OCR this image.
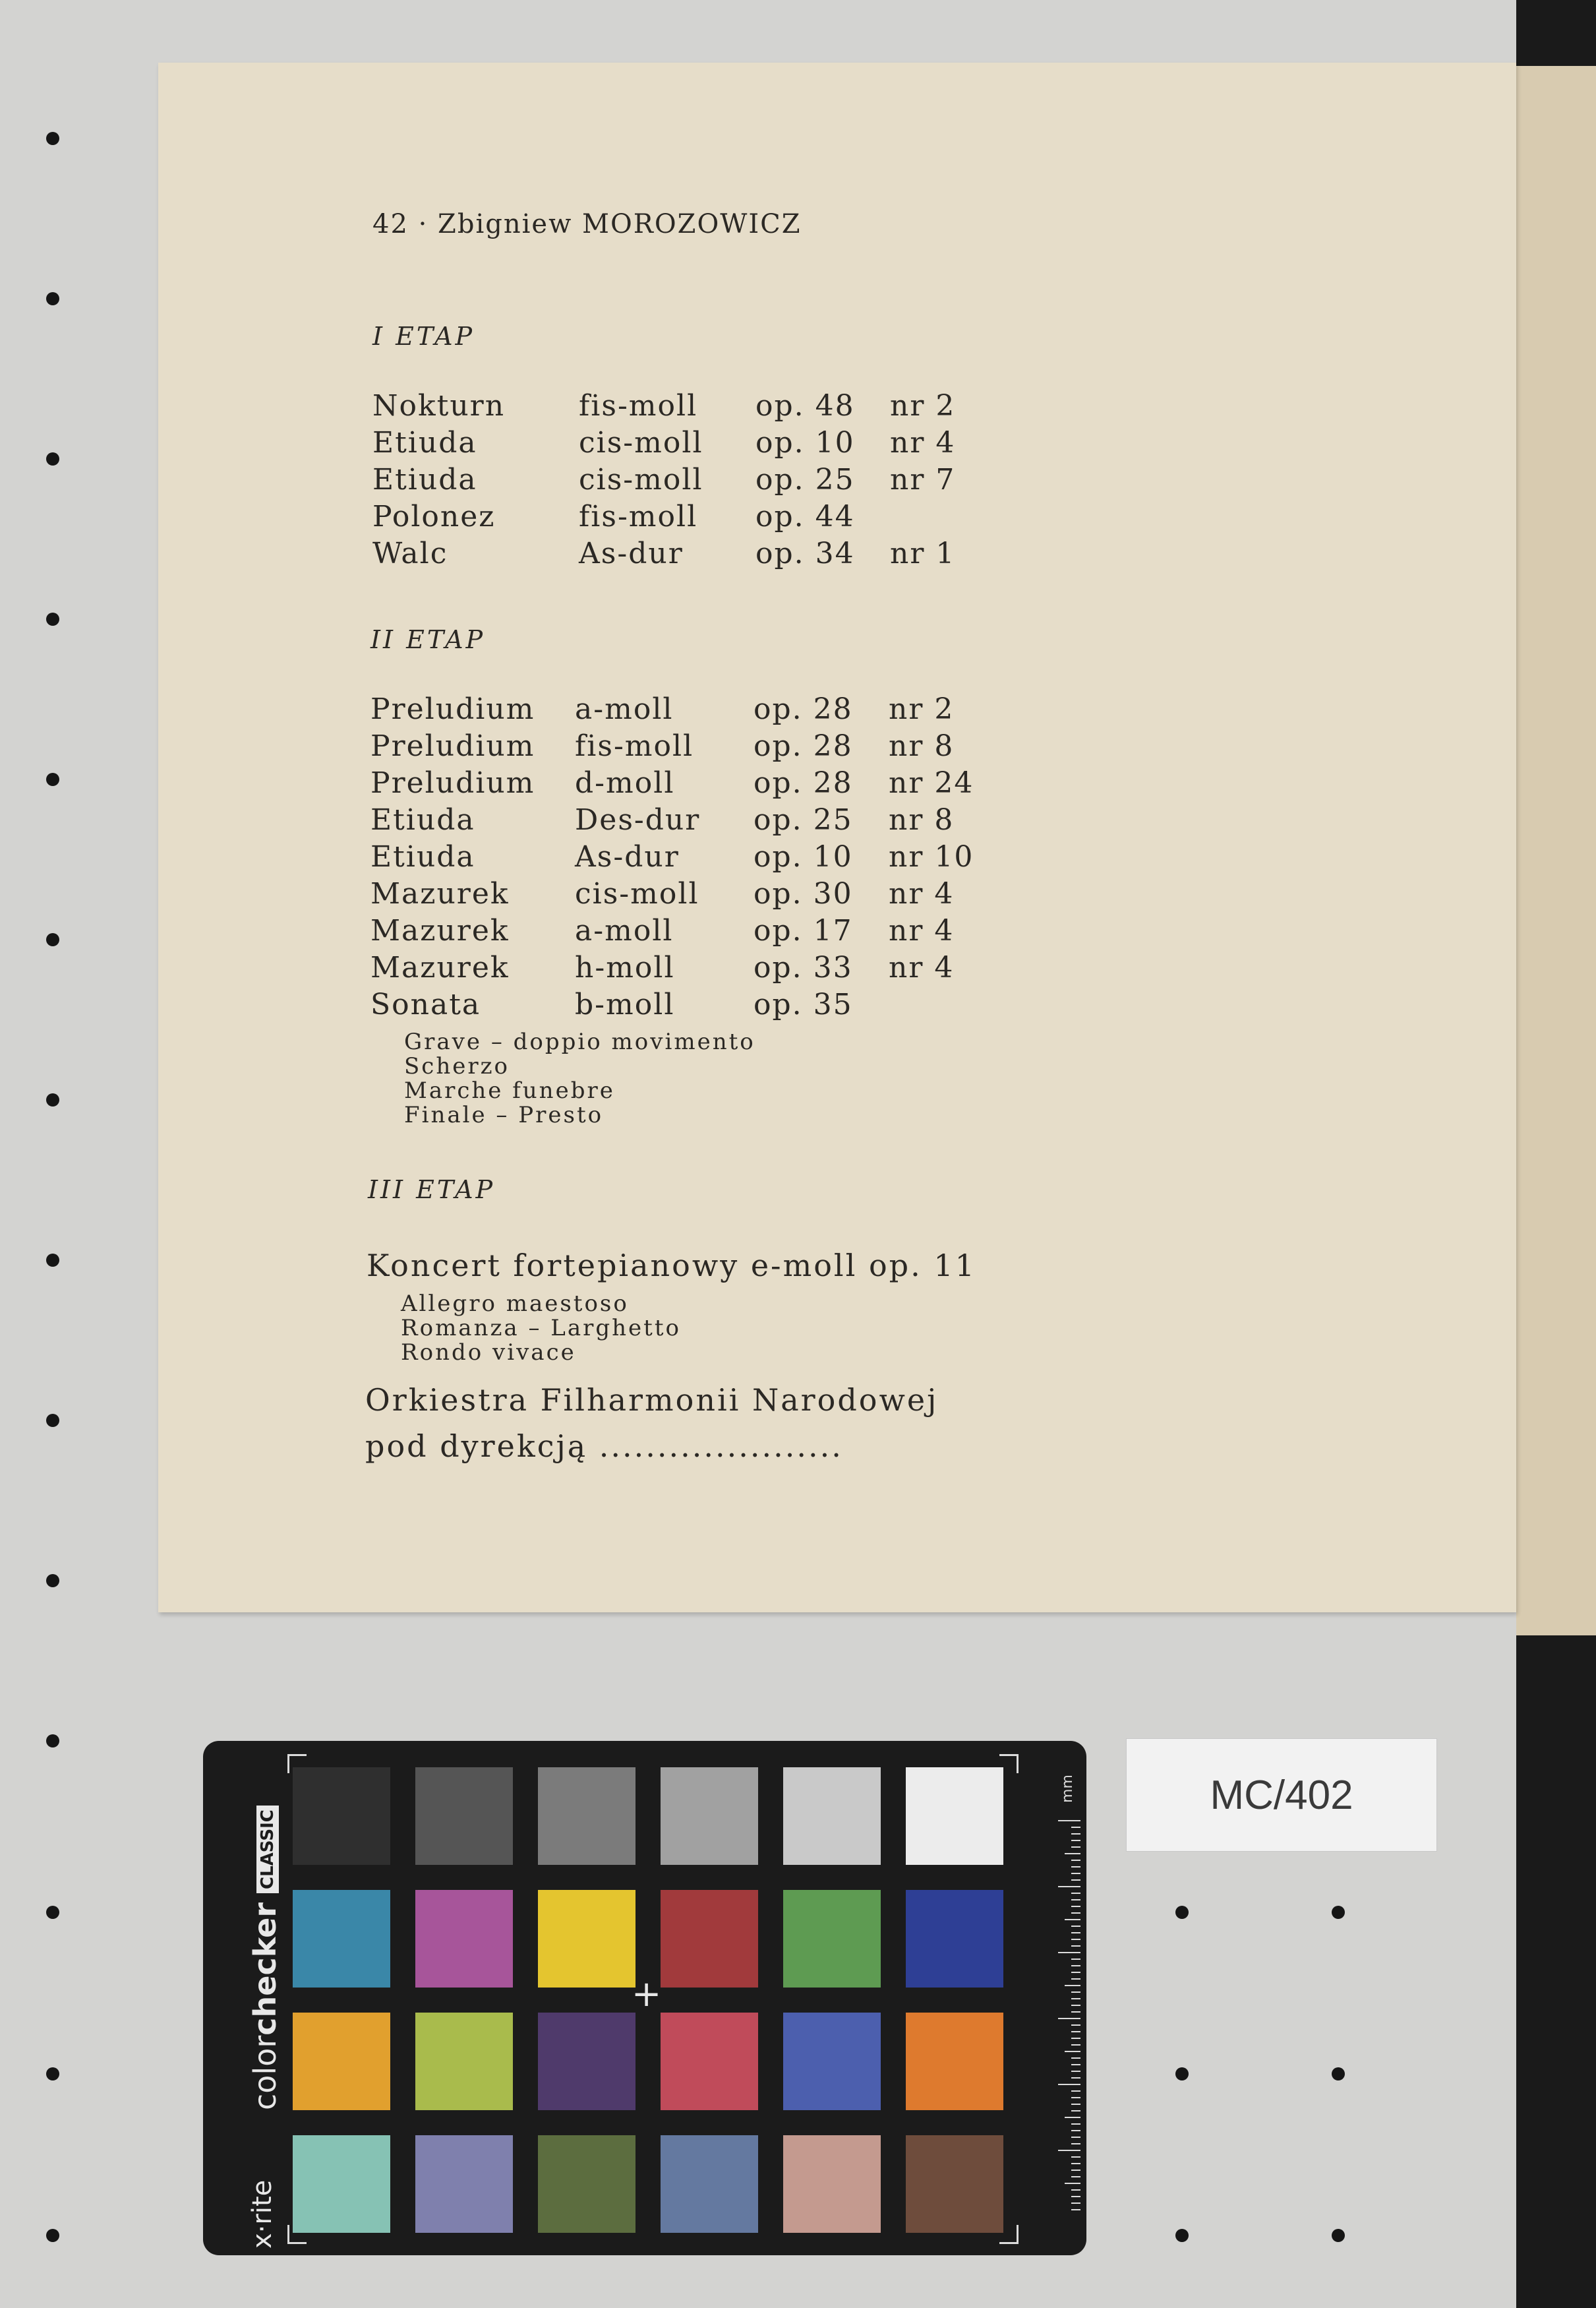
42 · Zbigniew MOROZOWICZ
I ETAP
Nokturn	fis-moll op. 48 nr 2
Etiuda	cis-moll op. 10 nr 4
Etiuda	cis-moll op. 25 nr 7
Polonez	fis-moll op. 44
Walc	As-dur op. 34 nr 1
II ETAP
Preludium a-moll	op. 28 nr 2
Preludium fis-moll op. 28 nr 8
Preludium d-moll	op. 28 nr 24
Etiuda	Des-dur op. 25 nr 8
Etiuda	As-dur	op. 10 nr 10
Mazurek cis-moll op. 30 nr 4
Mazurek a-moll	op. 17 nr 4
Mazurek h-moll	op. 33 nr 4
Sonata	b-moll	op. 35
Grave – doppio movimento
Scherzo
Marche funebre
Finale – Presto
III ETAP
Koncert fortepianowy e-moll op. 11
Allegro maestoso
Romanza – Larghetto
Rondo vivace
Orkiestra Filharmonii Narodowej
pod dyrekcją .....................
colorcheckerCLASSIC
x·rite
+
mm	MC/402
